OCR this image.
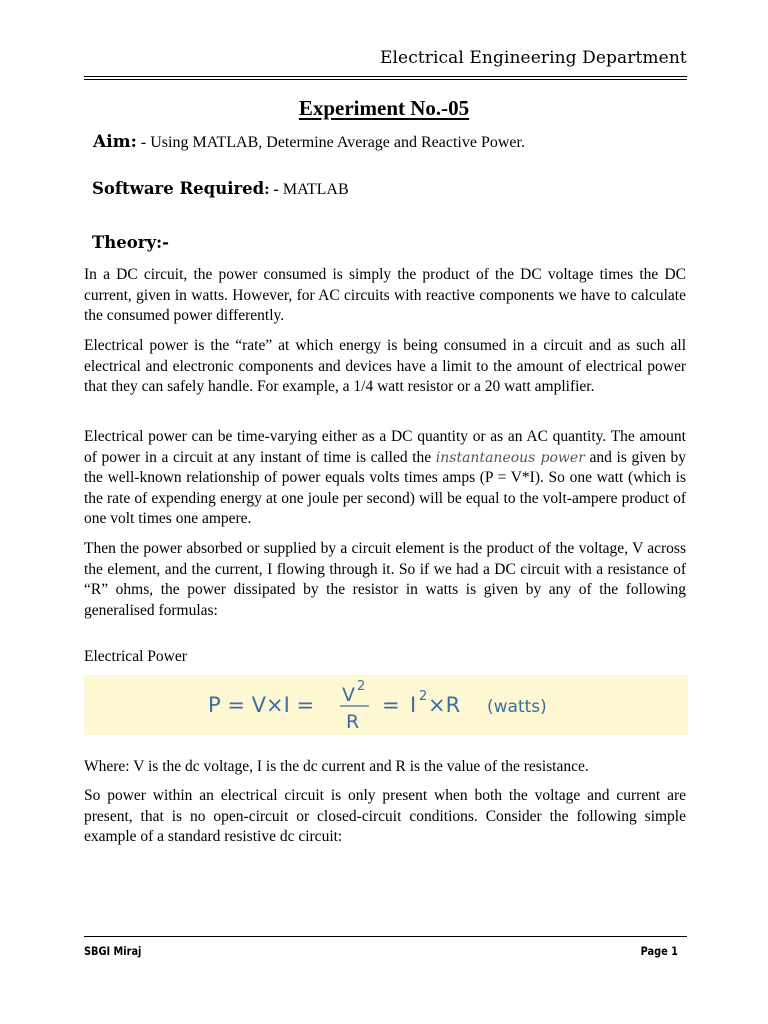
Electrical Engineering Department
Experiment No.-05
Aim: - Using MATLAB, Determine Average and Reactive Power.
Software Required: - MATLAB
Theory:-

In a DC circuit, the power consumed is simply the product of the DC voltage times the DC current, given in watts. However, for AC circuits with reactive components we have to calculate the consumed power differently.

Electrical power is the “rate” at which energy is being consumed in a circuit and as such all electrical and electronic components and devices have a limit to the amount of electrical power that they can safely handle. For example, a 1/4 watt resistor or a 20 watt amplifier.

Electrical power can be time-varying either as a DC quantity or as an AC quantity. The amount of power in a circuit at any instant of time is called the instantaneous power and is given by the well-known relationship of power equals volts times amps (P = V*I). So one watt (which is the rate of expending energy at one joule per second) will be equal to the volt-ampere product of one volt times one ampere.

Then the power absorbed or supplied by a circuit element is the product of the voltage, V across the element, and the current, I flowing through it. So if we had a DC circuit with a resistance of “R” ohms, the power dissipated by the resistor in watts is given by any of the following generalised formulas:

Electrical Power
P = V×I = V 2
R
= I 2 ×R (watts)

Where: V is the dc voltage, I is the dc current and R is the value of the resistance.

So power within an electrical circuit is only present when both the voltage and current are present, that is no open-circuit or closed-circuit conditions. Consider the following simple example of a standard resistive dc circuit:

SBGI Miraj	Page 1
